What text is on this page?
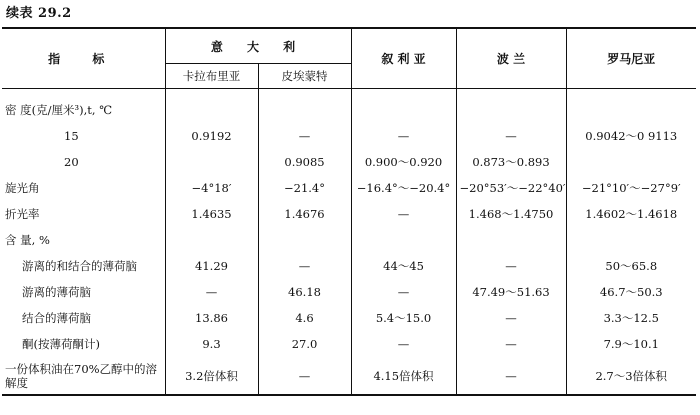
续表 29.2
指 标	意 大 利		叙 利 亚	波 兰	罗马尼亚
	卡拉布里亚	皮埃蒙特			
密 度(克/厘米³),t, ℃					
15	0.9192	—	—	—	0.9042～0 9113
20		0.9085	0.900～0.920	0.873～0.893	
旋光角	−4°18′	−21.4°	−16.4°～−20.4°	−20°53′～−22°40′	−21°10′～−27°9′
折光率	1.4635	1.4676	—	1.468～1.4750	1.4602～1.4618
含 量, %					
游离的和结合的薄荷脑	41.29	—	44～45	—	50～65.8
游离的薄荷脑	—	46.18	—	47.49～51.63	46.7～50.3
结合的薄荷脑	13.86	4.6	5.4～15.0	—	3.3～12.5
酮(按薄荷酮计)	9.3	27.0	—	—	7.9～10.1
一份体积油在70%乙醇中的溶解度	3.2倍体积	—	4.15倍体积	—	2.7～3倍体积
